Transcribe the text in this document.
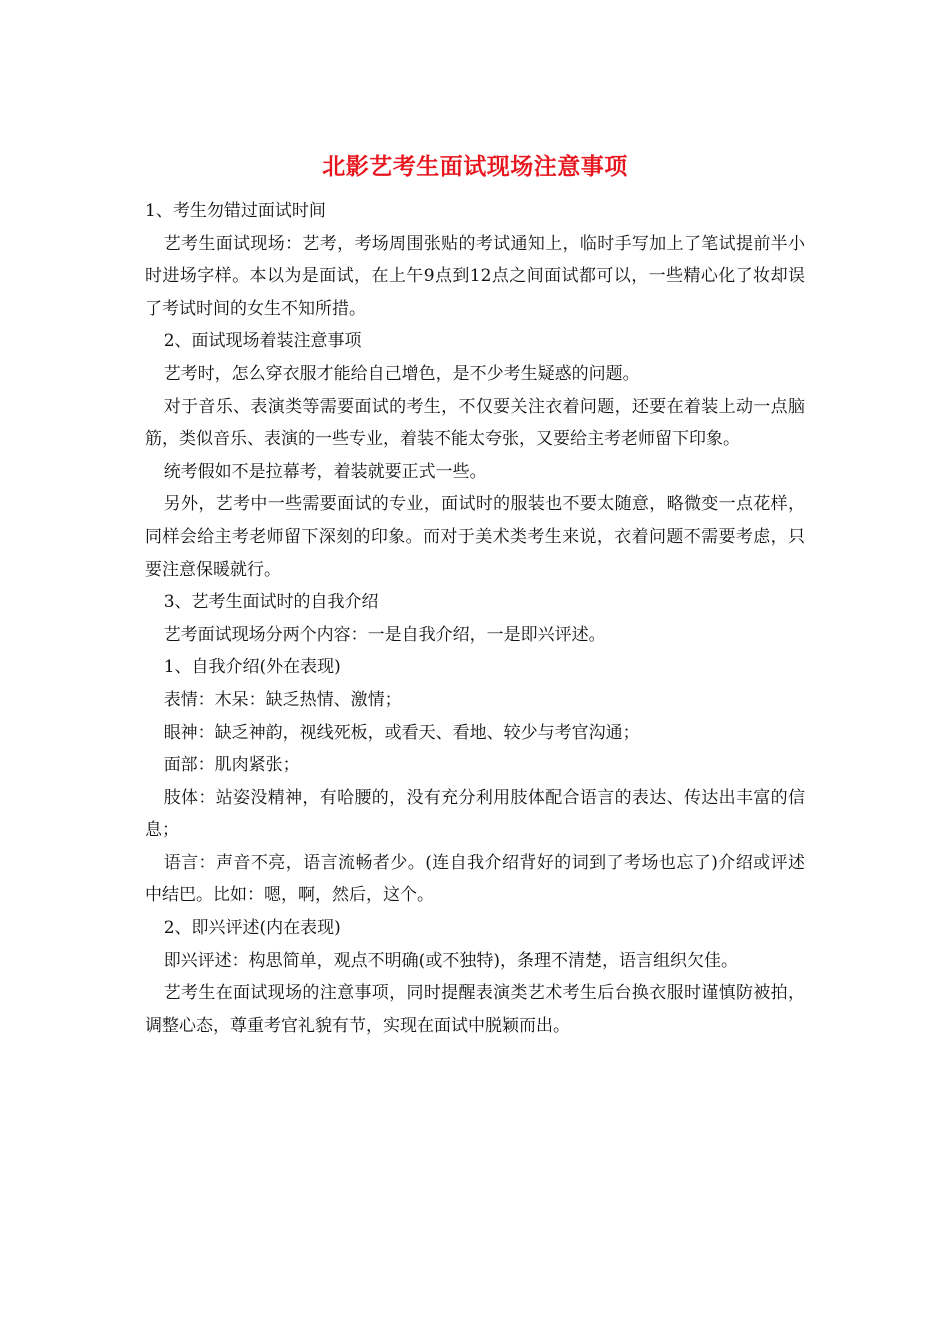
北影艺考生面试现场注意事项

1、考生勿错过面试时间

艺考生面试现场：艺考，考场周围张贴的考试通知上，临时手写加上了笔试提前半小时进场字样。本以为是面试，在上午9点到12点之间面试都可以，一些精心化了妆却误了考试时间的女生不知所措。

2、面试现场着装注意事项

艺考时，怎么穿衣服才能给自己增色，是不少考生疑惑的问题。

对于音乐、表演类等需要面试的考生，不仅要关注衣着问题，还要在着装上动一点脑筋，类似音乐、表演的一些专业，着装不能太夸张，又要给主考老师留下印象。

统考假如不是拉幕考，着装就要正式一些。

另外，艺考中一些需要面试的专业，面试时的服装也不要太随意，略微变一点花样，同样会给主考老师留下深刻的印象。而对于美术类考生来说，衣着问题不需要考虑，只要注意保暖就行。

3、艺考生面试时的自我介绍

艺考面试现场分两个内容：一是自我介绍，一是即兴评述。

1、自我介绍(外在表现)

表情：木呆：缺乏热情、激情；

眼神：缺乏神韵，视线死板，或看天、看地、较少与考官沟通；

面部：肌肉紧张；

肢体：站姿没精神，有哈腰的，没有充分利用肢体配合语言的表达、传达出丰富的信息；

语言：声音不亮，语言流畅者少。(连自我介绍背好的词到了考场也忘了)介绍或评述中结巴。比如：嗯，啊，然后，这个。

2、即兴评述(内在表现)

即兴评述：构思简单，观点不明确(或不独特)，条理不清楚，语言组织欠佳。

艺考生在面试现场的注意事项，同时提醒表演类艺术考生后台换衣服时谨慎防被拍，调整心态，尊重考官礼貌有节，实现在面试中脱颖而出。
